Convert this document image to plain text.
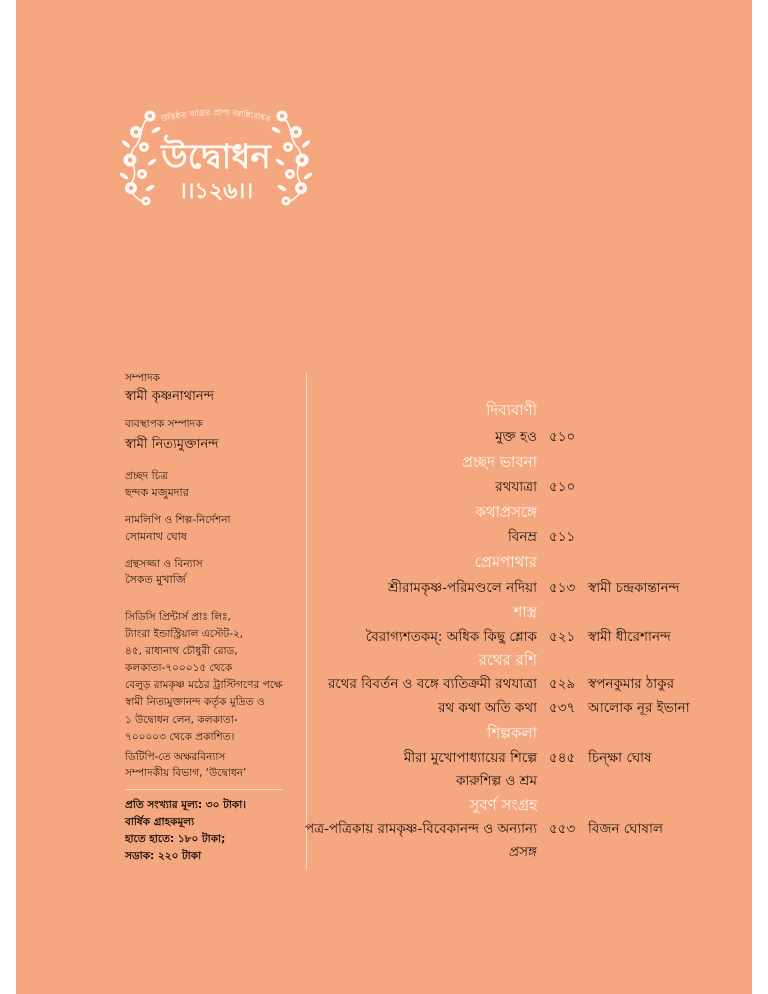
উত্তিষ্ঠত জাগ্রত প্রাপ্য বরান্নিবোধত
উদ্বোধন
।।১২৬।।
সম্পাদক
স্বামী কৃষ্ণনাথানন্দ
ব্যবস্থাপক সম্পাদক
স্বামী নিত্যমুক্তানন্দ
প্রচ্ছদ চিত্র
ছন্দক মজুমদার
নামলিপি ও শিল্প-নির্দেশনা
সোমনাথ ঘোষ
গ্রন্থসজ্জা ও বিন্যাস
সৈকত মুখার্জি
সিডিসি প্রিন্টার্স প্রাঃ লিঃ,
ট্যাংরা ইন্ডাস্ট্রিয়াল এস্টেট-২,
৪৫, রাধানাথ চৌধুরী রোড,
কলকাতা-৭০০০১৫ থেকে
বেলুড় রামকৃষ্ণ মঠের ট্রাস্টিগণের পক্ষে
স্বামী নিত্যমুক্তানন্দ কর্তৃক মুদ্রিত ও
১ উদ্বোধন লেন, কলকাতা-
৭০০০০৩ থেকে প্রকাশিত।
ডিটিপি-তে অক্ষরবিন্যাস
সম্পাদকীয় বিভাগ, ‘উদ্বোধন’
প্রতি সংখ্যার মূল্য: ৩০ টাকা।
বার্ষিক গ্রাহকমূল্য
হাতে হাতে: ১৮০ টাকা;
সডাক: ২২০ টাকা
দিব্যবাণী
মুক্ত হও ৫১০
প্রচ্ছদ ভাবনা
রথযাত্রা ৫১০
কথাপ্রসঙ্গে
বিনম্র ৫১১
প্রেমপাথার
শ্রীরামকৃষ্ণ-পরিমণ্ডলে নদিয়া ৫১৩ স্বামী চন্দ্রকান্তানন্দ
শাস্ত্র
বৈরাগ্যশতকম্: অধিক কিছু শ্লোক ৫২১ স্বামী ধীরেশানন্দ
রথের রশি
রথের বিবর্তন ও বঙ্গে ব্যতিক্রমী রথযাত্রা ৫২৯ স্বপনকুমার ঠাকুর
রথ কথা অতি কথা ৫৩৭ আলোক নূর ইভানা
শিল্পকলা
মীরা মুখোপাধ্যায়ের শিল্পে ৫৪৫ চিন্ক্ষা ঘোষ
কারুশিল্প ও শ্রম
সুবর্ণ সংগ্রহ
পত্র-পত্রিকায় রামকৃষ্ণ-বিবেকানন্দ ও অন্যান্য ৫৫৩ বিজন ঘোষাল
প্রসঙ্গ
